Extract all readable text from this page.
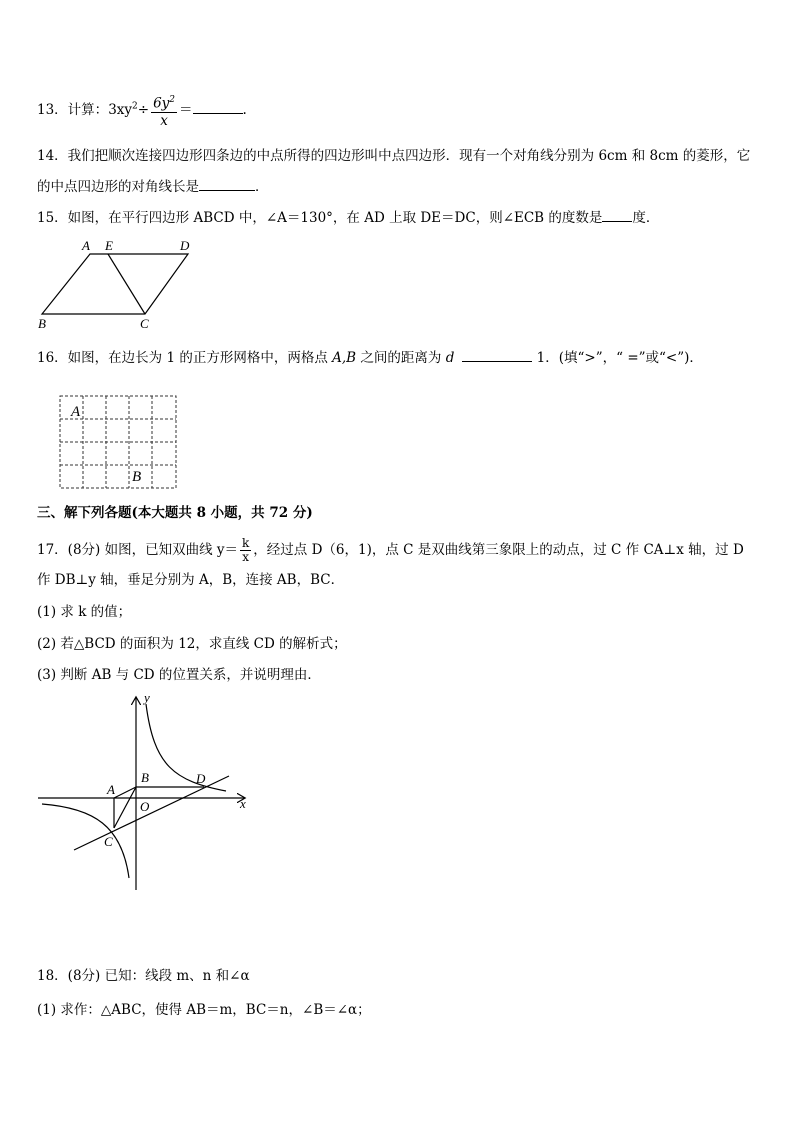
13．计算：$3xy^2\div \frac{6y^2}{x}$ ＝	.
14．我们把顺次连接四边形四条边的中点所得的四边形叫中点四边形．现有一个对角线分别为 6cm 和 8cm 的菱形，它
的中点四边形的对角线长是	．
15．如图，在平行四边形 ABCD 中，∠A＝130°，在 AD 上取 DE＝DC，则∠ECB 的度数是 度．
A E	D
B	C
16．如图，在边长为 1 的正方形网格中，两格点 A,B 之间的距离为 d	1．(填“>”，“ =”或“<”)．
A
B
三、解下列各题(本大题共 8 小题，共 72 分)
17．(8分) 如图，已知双曲线 $y= \frac{k}{x}$ ，经过点 D（6，1)，点 C 是双曲线第三象限上的动点，过 C 作 CA⊥x 轴，过 D
作 DB⊥y 轴，垂足分别为 A，B，连接 AB，BC．
(1) 求 k 的值；
(2) 若△BCD 的面积为 12，求直线 CD 的解析式；
(3) 判断 AB 与 CD 的位置关系，并说明理由．
y
x
A
B	D
O
C
18．(8分) 已知：线段 m、n 和∠α
(1) 求作：△ABC，使得 AB＝m，BC＝n，∠B＝∠α；
